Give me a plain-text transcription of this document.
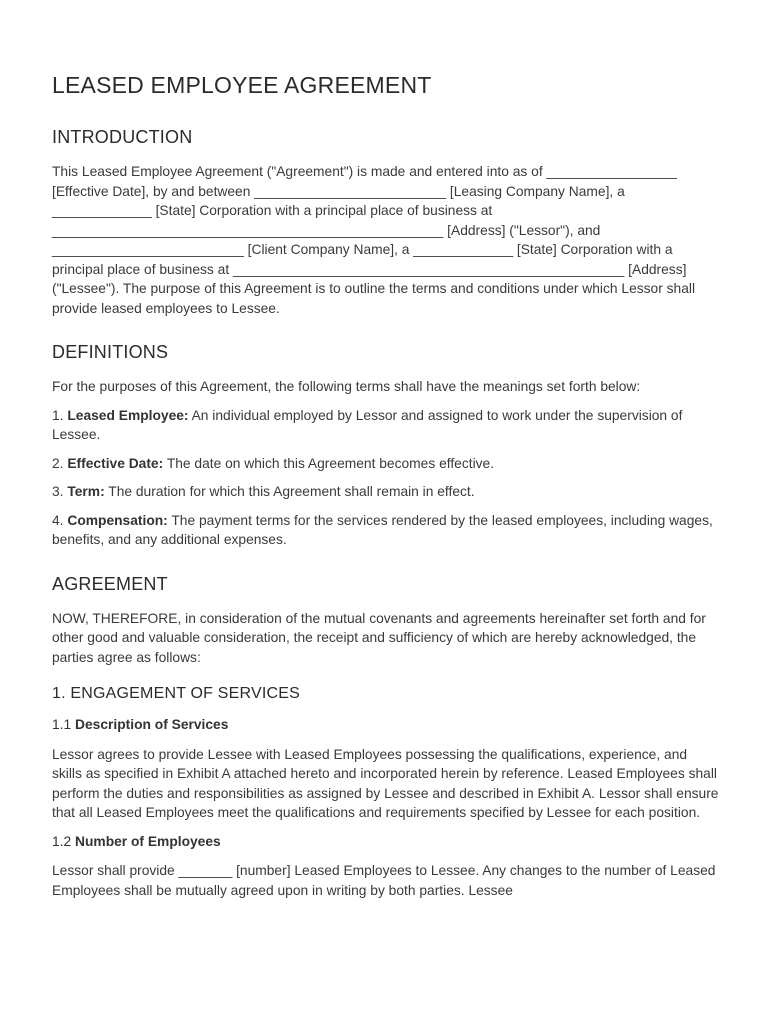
LEASED EMPLOYEE AGREEMENT
INTRODUCTION

This Leased Employee Agreement ("Agreement") is made and entered into as of _________________ [Effective Date], by and between _________________________ [Leasing Company Name], a _____________ [State] Corporation with a principal place of business at ___________________________________________________ [Address] ("Lessor"), and _________________________ [Client Company Name], a _____________ [State] Corporation with a principal place of business at ___________________________________________________ [Address] ("Lessee"). The purpose of this Agreement is to outline the terms and conditions under which Lessor shall provide leased employees to Lessee.

DEFINITIONS

For the purposes of this Agreement, the following terms shall have the meanings set forth below:

1. Leased Employee: An individual employed by Lessor and assigned to work under the supervision of Lessee.

2. Effective Date: The date on which this Agreement becomes effective.

3. Term: The duration for which this Agreement shall remain in effect.

4. Compensation: The payment terms for the services rendered by the leased employees, including wages, benefits, and any additional expenses.

AGREEMENT

NOW, THEREFORE, in consideration of the mutual covenants and agreements hereinafter set forth and for other good and valuable consideration, the receipt and sufficiency of which are hereby acknowledged, the parties agree as follows:

1. ENGAGEMENT OF SERVICES
1.1 Description of Services

Lessor agrees to provide Lessee with Leased Employees possessing the qualifications, experience, and skills as specified in Exhibit A attached hereto and incorporated herein by reference. Leased Employees shall perform the duties and responsibilities as assigned by Lessee and described in Exhibit A. Lessor shall ensure that all Leased Employees meet the qualifications and requirements specified by Lessee for each position.

1.2 Number of Employees

Lessor shall provide _______ [number] Leased Employees to Lessee. Any changes to the number of Leased Employees shall be mutually agreed upon in writing by both parties. Lessee
